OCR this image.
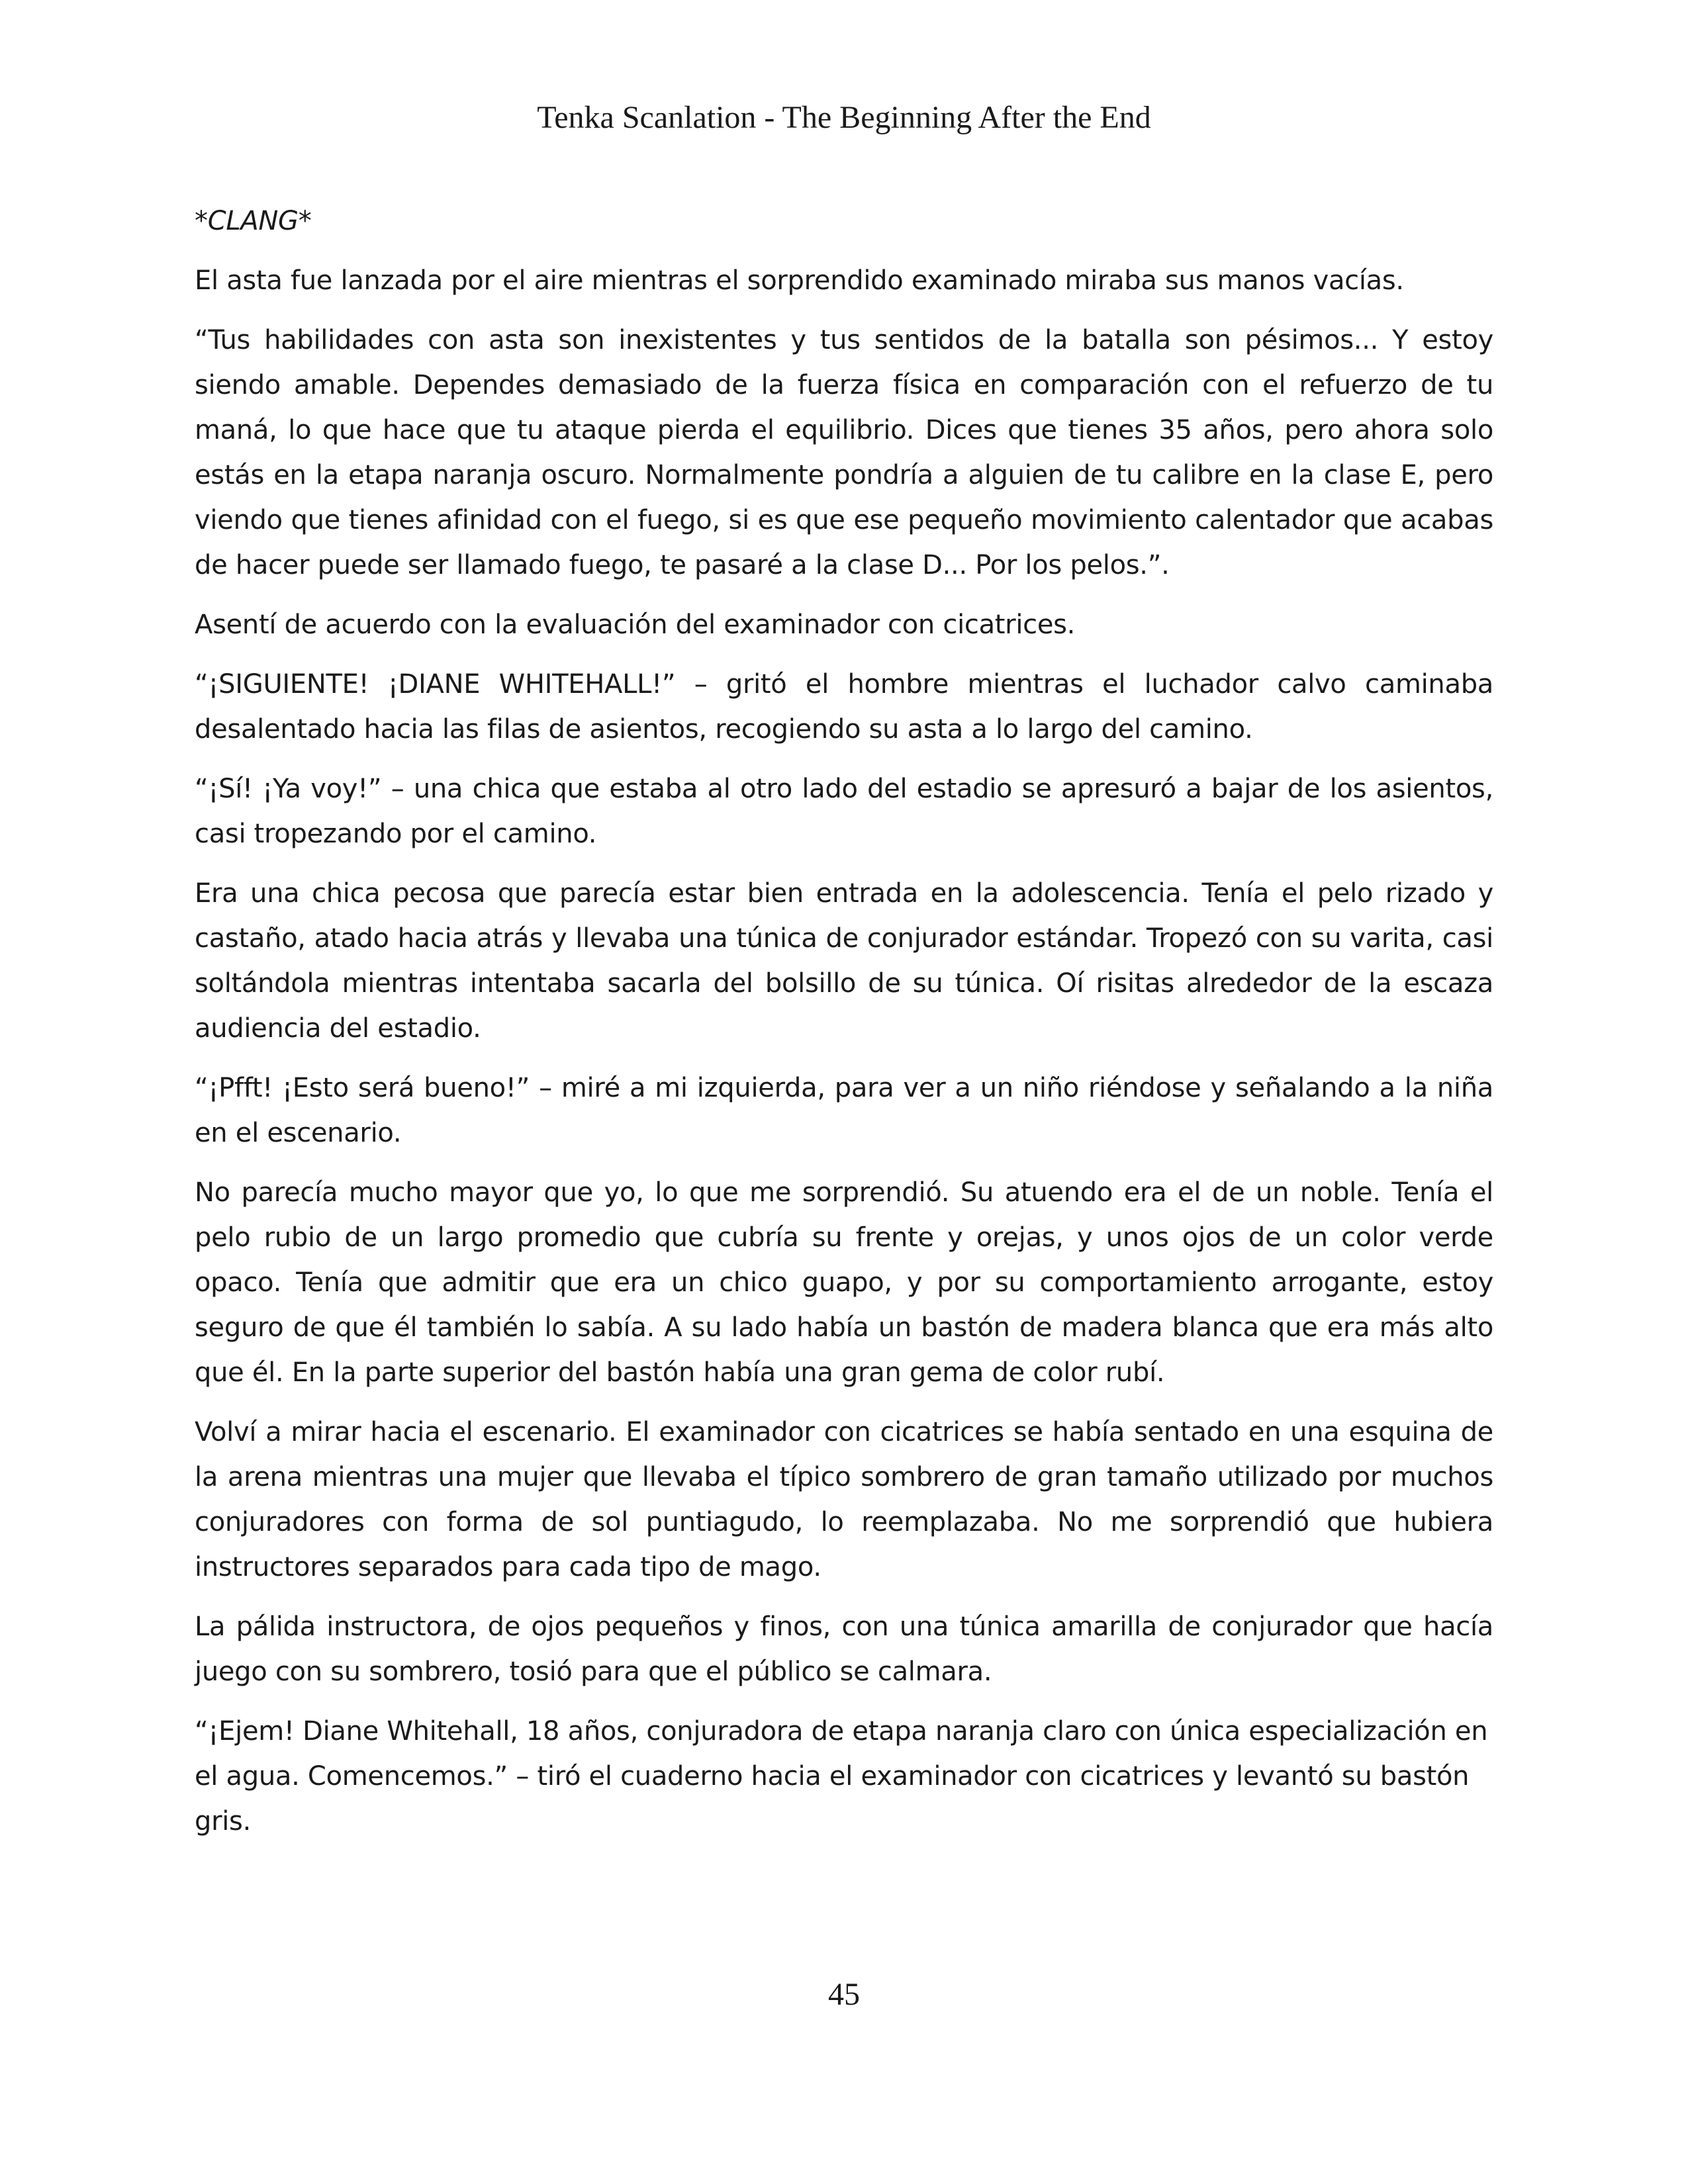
Tenka Scanlation - The Beginning After the End

*CLANG*

El asta fue lanzada por el aire mientras el sorprendido examinado miraba sus manos vacías.

“Tus habilidades con asta son inexistentes y tus sentidos de la batalla son pésimos... Y estoy siendo amable. Dependes demasiado de la fuerza física en comparación con el refuerzo de tu maná, lo que hace que tu ataque pierda el equilibrio. Dices que tienes 35 años, pero ahora solo estás en la etapa naranja oscuro. Normalmente pondría a alguien de tu calibre en la clase E, pero viendo que tienes afinidad con el fuego, si es que ese pequeño movimiento calentador que acabas de hacer puede ser llamado fuego, te pasaré a la clase D... Por los pelos.”.

Asentí de acuerdo con la evaluación del examinador con cicatrices.

“¡SIGUIENTE! ¡DIANE WHITEHALL!” – gritó el hombre mientras el luchador calvo caminaba desalentado hacia las filas de asientos, recogiendo su asta a lo largo del camino.

“¡Sí! ¡Ya voy!” – una chica que estaba al otro lado del estadio se apresuró a bajar de los asientos, casi tropezando por el camino.

Era una chica pecosa que parecía estar bien entrada en la adolescencia. Tenía el pelo rizado y castaño, atado hacia atrás y llevaba una túnica de conjurador estándar. Tropezó con su varita, casi soltándola mientras intentaba sacarla del bolsillo de su túnica. Oí risitas alrededor de la escaza audiencia del estadio.

“¡Pfft! ¡Esto será bueno!” – miré a mi izquierda, para ver a un niño riéndose y señalando a la niña en el escenario.

No parecía mucho mayor que yo, lo que me sorprendió. Su atuendo era el de un noble. Tenía el pelo rubio de un largo promedio que cubría su frente y orejas, y unos ojos de un color verde opaco. Tenía que admitir que era un chico guapo, y por su comportamiento arrogante, estoy seguro de que él también lo sabía. A su lado había un bastón de madera blanca que era más alto que él. En la parte superior del bastón había una gran gema de color rubí.

Volví a mirar hacia el escenario. El examinador con cicatrices se había sentado en una esquina de la arena mientras una mujer que llevaba el típico sombrero de gran tamaño utilizado por muchos conjuradores con forma de sol puntiagudo, lo reemplazaba. No me sorprendió que hubiera instructores separados para cada tipo de mago.

La pálida instructora, de ojos pequeños y finos, con una túnica amarilla de conjurador que hacía juego con su sombrero, tosió para que el público se calmara.

“¡Ejem! Diane Whitehall, 18 años, conjuradora de etapa naranja claro con única especialización en el agua. Comencemos.” – tiró el cuaderno hacia el examinador con cicatrices y levantó su bastón gris.

45
